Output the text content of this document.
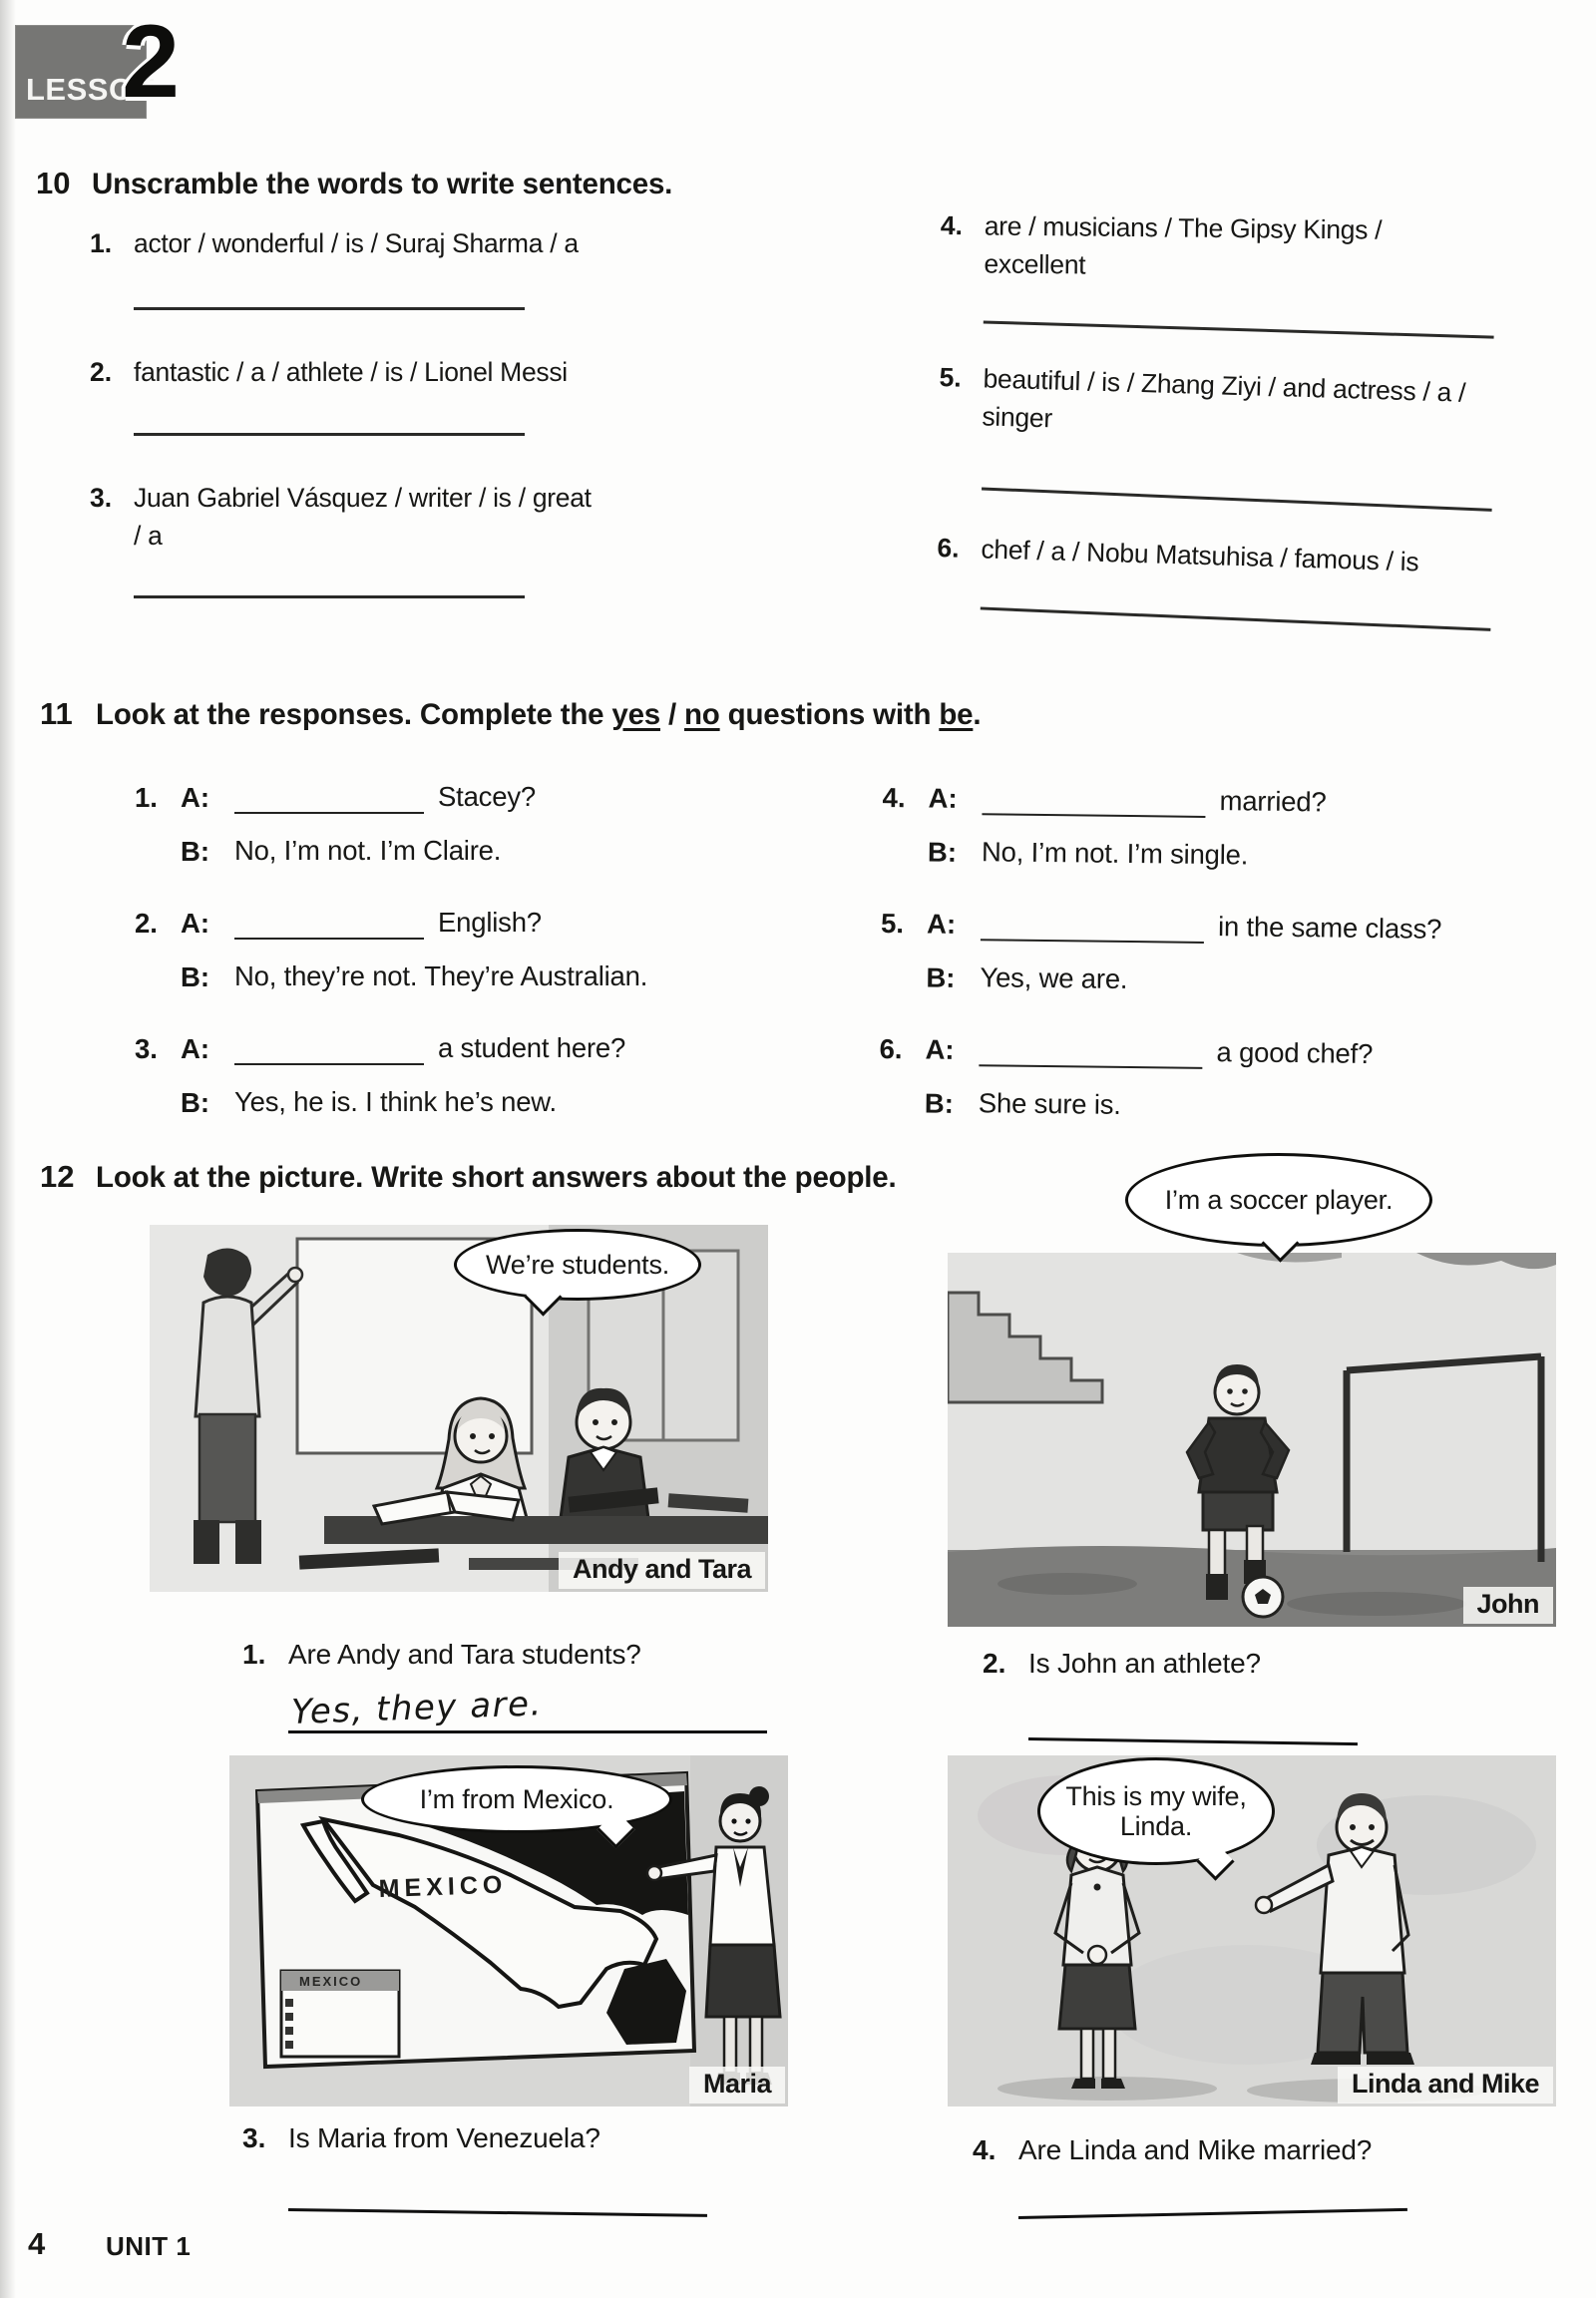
LESSON
2
10 Unscramble the words to write sentences.
1. actor / wonderful / is / Suraj Sharma / a
2. fantastic / a / athlete / is / Lionel Messi
3. Juan Gabriel Vásquez / writer / is / great / a
4. are / musicians / The Gipsy Kings / excellent
5. beautiful / is / Zhang Ziyi / and actress / a / singer
6. chef / a / Nobu Matsuhisa / famous / is
11 Look at the responses. Complete the yes / no questions with be.
1. A:	Stacey?
B: No, I’m not. I’m Claire.
2. A:	English?
B: No, they’re not. They’re Australian.
3. A:	a student here?
B: Yes, he is. I think he’s new.
4. A:	married?
B: No, I’m not. I’m single.
5. A:	in the same class?
B: Yes, we are.
6. A:	a good chef?
B: She sure is.
12 Look at the picture. Write short answers about the people.
Andy and Tara
We’re students.
John
I’m a soccer player.
1. Are Andy and Tara students?
Yes, they are.
2. Is John an athlete?
MEXICO
MEXICO
Maria
I’m from Mexico.
Linda and Mike
This is my wife, Linda.
3. Is Maria from Venezuela?	4. Are Linda and Mike married?
4 UNIT 1
